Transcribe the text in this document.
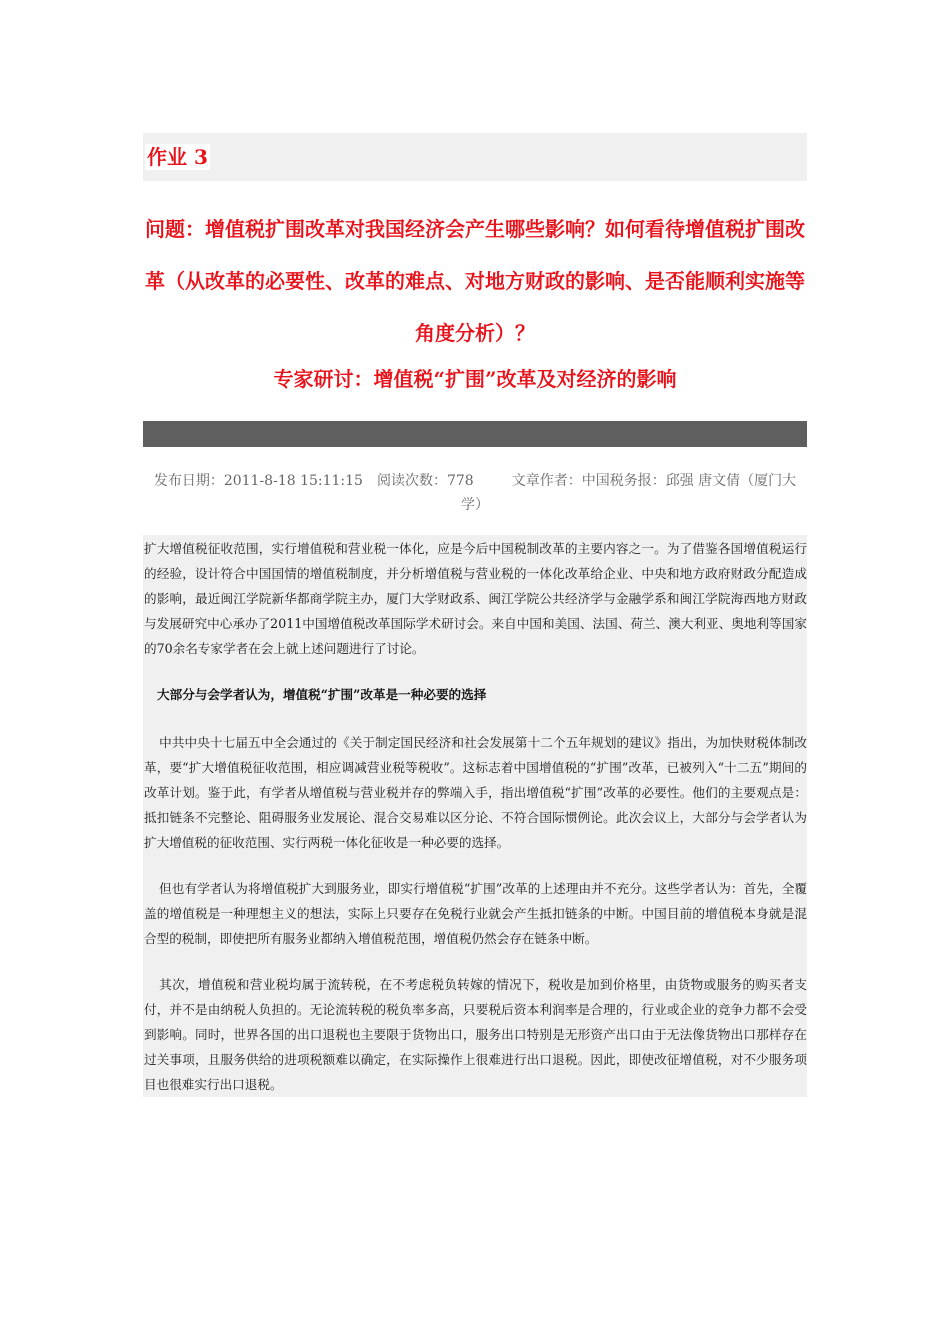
作业 3
问题：增值税扩围改革对我国经济会产生哪些影响？如何看待增值税扩围改革（从改革的必要性、改革的难点、对地方财政的影响、是否能顺利实施等角度分析）？
专家研讨：增值税“扩围”改革及对经济的影响
发布日期：2011-8-18 15:11:15 阅读次数：778	文章作者：中国税务报：邱强 唐文倩（厦门大学）
扩大增值税征收范围，实行增值税和营业税一体化，应是今后中国税制改革的主要内容之一。为了借鉴各国增值税运行的经验，设计符合中国国情的增值税制度，并分析增值税与营业税的一体化改革给企业、中央和地方政府财政分配造成的影响，最近闽江学院新华都商学院主办，厦门大学财政系、闽江学院公共经济学与金融学系和闽江学院海西地方财政与发展研究中心承办了2011中国增值税改革国际学术研讨会。来自中国和美国、法国、荷兰、澳大利亚、奥地利等国家的70余名专家学者在会上就上述问题进行了讨论。
大部分与会学者认为，增值税“扩围”改革是一种必要的选择
中共中央十七届五中全会通过的《关于制定国民经济和社会发展第十二个五年规划的建议》指出，为加快财税体制改革，要“扩大增值税征收范围，相应调减营业税等税收”。这标志着中国增值税的“扩围”改革，已被列入“十二五”期间的改革计划。鉴于此，有学者从增值税与营业税并存的弊端入手，指出增值税“扩围”改革的必要性。他们的主要观点是：抵扣链条不完整论、阻碍服务业发展论、混合交易难以区分论、不符合国际惯例论。此次会议上，大部分与会学者认为扩大增值税的征收范围、实行两税一体化征收是一种必要的选择。
但也有学者认为将增值税扩大到服务业，即实行增值税“扩围”改革的上述理由并不充分。这些学者认为：首先，全覆盖的增值税是一种理想主义的想法，实际上只要存在免税行业就会产生抵扣链条的中断。中国目前的增值税本身就是混合型的税制，即使把所有服务业都纳入增值税范围，增值税仍然会存在链条中断。
其次，增值税和营业税均属于流转税，在不考虑税负转嫁的情况下，税收是加到价格里，由货物或服务的购买者支付，并不是由纳税人负担的。无论流转税的税负率多高，只要税后资本利润率是合理的，行业或企业的竞争力都不会受到影响。同时，世界各国的出口退税也主要限于货物出口，服务出口特别是无形资产出口由于无法像货物出口那样存在过关事项，且服务供给的进项税额难以确定，在实际操作上很难进行出口退税。因此，即使改征增值税，对不少服务项目也很难实行出口退税。
